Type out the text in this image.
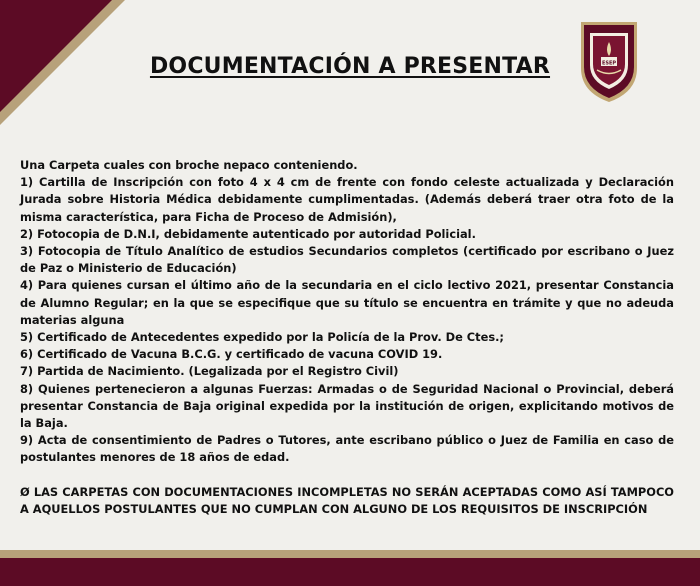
DOCUMENTACIÓN A PRESENTAR	ESEP

Una Carpeta cuales con broche nepaco conteniendo.

1) Cartilla de Inscripción con foto 4 x 4 cm de frente con fondo celeste actualizada y Declaración Jurada sobre Historia Médica debidamente cumplimentadas. (Además deberá traer otra foto de la misma característica, para Ficha de Proceso de Admisión),

2) Fotocopia de D.N.I, debidamente autenticado por autoridad Policial.

3) Fotocopia de Título Analítico de estudios Secundarios completos (certificado por escribano o Juez de Paz o Ministerio de Educación)

4) Para quienes cursan el último año de la secundaria en el ciclo lectivo 2021, presentar Constancia de Alumno Regular; en la que se especifique que su título se encuentra en trámite y que no adeuda materias alguna

5) Certificado de Antecedentes expedido por la Policía de la Prov. De Ctes.;

6) Certificado de Vacuna B.C.G. y certificado de vacuna COVID 19.

7) Partida de Nacimiento. (Legalizada por el Registro Civil)

8) Quienes pertenecieron a algunas Fuerzas: Armadas o de Seguridad Nacional o Provincial, deberá presentar Constancia de Baja original expedida por la institución de origen, explicitando motivos de la Baja.

9) Acta de consentimiento de Padres o Tutores, ante escribano público o Juez de Familia en caso de postulantes menores de 18 años de edad.

Ø LAS CARPETAS CON DOCUMENTACIONES INCOMPLETAS NO SERÁN ACEPTADAS COMO ASÍ TAMPOCO A AQUELLOS POSTULANTES QUE NO CUMPLAN CON ALGUNO DE LOS REQUISITOS DE INSCRIPCIÓN
